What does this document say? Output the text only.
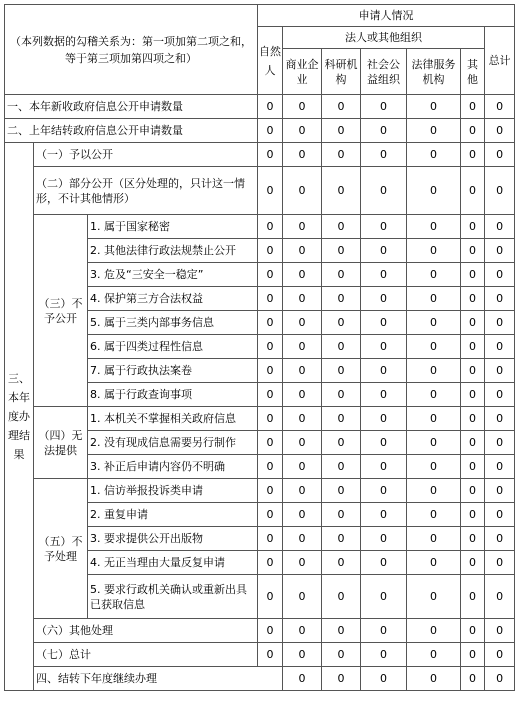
（本列数据的勾稽关系为：第一项加第二项之和，等于第三项加第四项之和）			申请人情况							
			自然人	法人或其他组织					总计	
				商业企业	科研机构	社会公益组织	法律服务机构	其他		
一、本年新收政府信息公开申请数量			0	0	0	0	0	0	0	
二、上年结转政府信息公开申请数量			0	0	0	0	0	0	0	
三、本年度办理结果	（一）予以公开		0	0	0	0	0	0	0	
	（二）部分公开（区分处理的，只计这一情形，不计其他情形）		0	0	0	0	0	0	0	
	（三）不予公开	1. 属于国家秘密	0	0	0	0	0	0	0	
		2. 其他法律行政法规禁止公开	0	0	0	0	0	0	0	
		3. 危及“三安全一稳定”	0	0	0	0	0	0	0	
		4. 保护第三方合法权益	0	0	0	0	0	0	0	
		5. 属于三类内部事务信息	0	0	0	0	0	0	0	
		6. 属于四类过程性信息	0	0	0	0	0	0	0	
		7. 属于行政执法案卷	0	0	0	0	0	0	0	
		8. 属于行政查询事项	0	0	0	0	0	0	0	
	（四）无法提供	1. 本机关不掌握相关政府信息	0	0	0	0	0	0	0	
		2. 没有现成信息需要另行制作	0	0	0	0	0	0	0	
		3. 补正后申请内容仍不明确	0	0	0	0	0	0	0	
	（五）不予处理	1. 信访举报投诉类申请	0	0	0	0	0	0	0	
		2. 重复申请	0	0	0	0	0	0	0	
		3. 要求提供公开出版物	0	0	0	0	0	0	0	
		4. 无正当理由大量反复申请	0	0	0	0	0	0	0	
		5. 要求行政机关确认或重新出具已获取信息	0	0	0	0	0	0	0	
	（六）其他处理		0	0	0	0	0	0	0	
	（七）总计		0	0	0	0	0	0	0	
	四、结转下年度继续办理			0	0	0	0	0	0	
